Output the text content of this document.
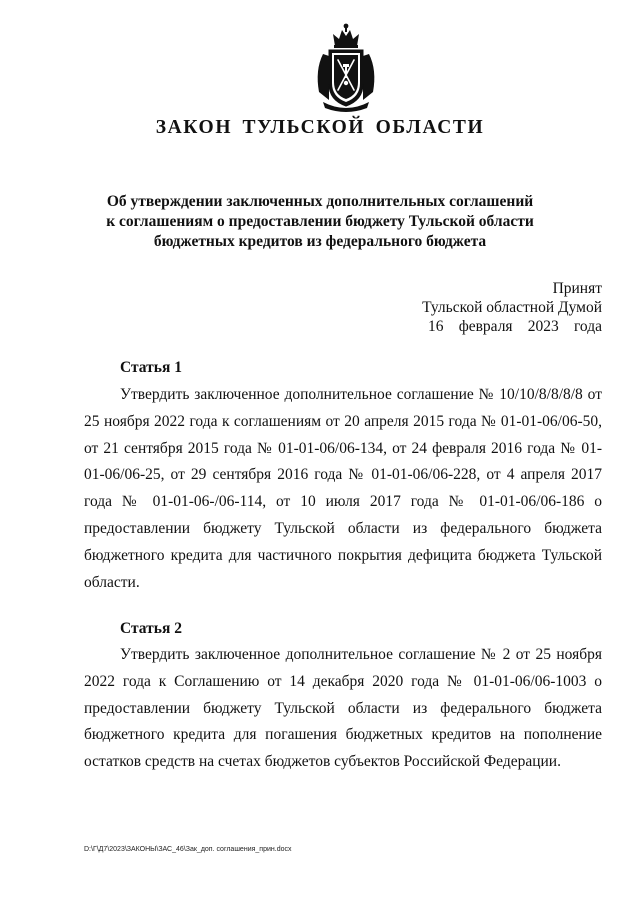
ЗАКОН ТУЛЬСКОЙ ОБЛАСТИ
Об утверждении заключенных дополнительных соглашений
к соглашениям о предоставлении бюджету Тульской области
бюджетных кредитов из федерального бюджета
Принят
Тульской областной Думой
16 февраля 2023 года
Статья 1

Утвердить заключенное дополнительное соглашение № 10/10/8/8/8/8 от 25 ноября 2022 года к соглашениям от 20 апреля 2015 года № 01-01-06/06-50, от 21 сентября 2015 года № 01-01-06/06-134, от 24 февраля 2016 года № 01-01-06/06-25, от 29 сентября 2016 года № 01-01-06/06-228, от 4 апреля 2017 года № 01-01-06-/06-114, от 10 июля 2017 года № 01-01-06/06-186 о предоставлении бюджету Тульской области из федерального бюджета бюджетного кредита для частичного покрытия дефицита бюджета Тульской области.

Статья 2

Утвердить заключенное дополнительное соглашение № 2 от 25 ноября 2022 года к Соглашению от 14 декабря 2020 года № 01-01-06/06-1003 о предоставлении бюджету Тульской области из федерального бюджета бюджетного кредита для погашения бюджетных кредитов на пополнение остатков средств на счетах бюджетов субъектов Российской Федерации.

D:\Г\Д7\2023\ЗАКОНЫ\ЗАС_46\Зак_доп. соглашения_прин.docx
